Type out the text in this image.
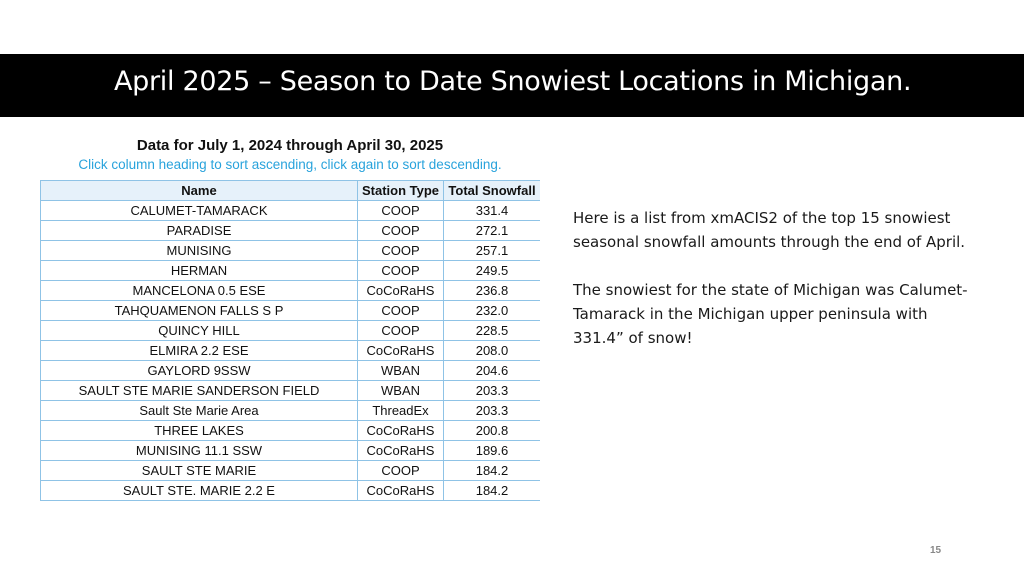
April 2025 – Season to Date Snowiest Locations in Michigan.
Data for July 1, 2024 through April 30, 2025
Click column heading to sort ascending, click again to sort descending.
Name	Station Type	Total Snowfall
CALUMET-TAMARACK	COOP	331.4
PARADISE	COOP	272.1
MUNISING	COOP	257.1
HERMAN	COOP	249.5
MANCELONA 0.5 ESE	CoCoRaHS	236.8
TAHQUAMENON FALLS S P	COOP	232.0
QUINCY HILL	COOP	228.5
ELMIRA 2.2 ESE	CoCoRaHS	208.0
GAYLORD 9SSW	WBAN	204.6
SAULT STE MARIE SANDERSON FIELD	WBAN	203.3
Sault Ste Marie Area	ThreadEx	203.3
THREE LAKES	CoCoRaHS	200.8
MUNISING 11.1 SSW	CoCoRaHS	189.6
SAULT STE MARIE	COOP	184.2
SAULT STE. MARIE 2.2 E	CoCoRaHS	184.2

Here is a list from xmACIS2 of the top 15 snowiest seasonal snowfall amounts through the end of April.

The snowiest for the state of Michigan was Calumet-Tamarack in the Michigan upper peninsula with 331.4” of snow!

15
